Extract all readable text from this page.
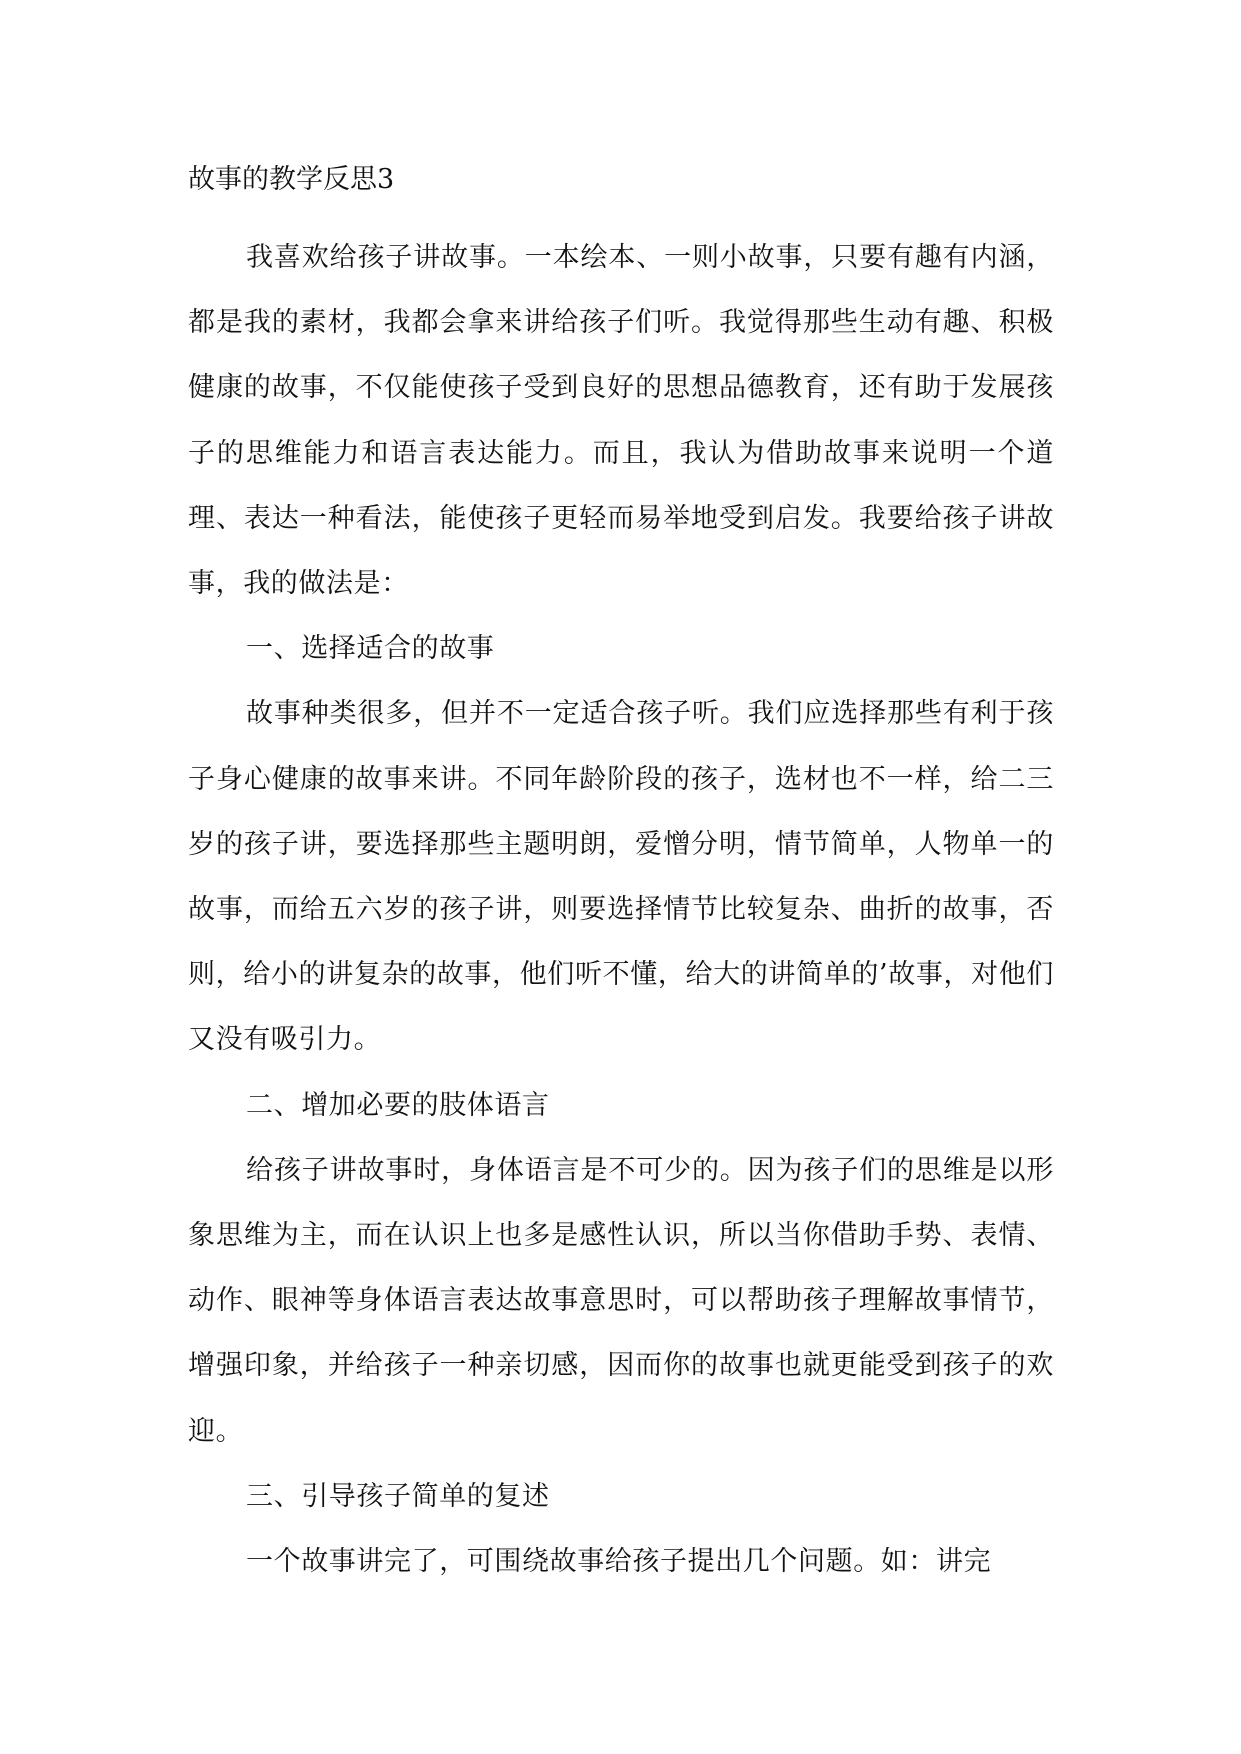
故事的教学反思3

我喜欢给孩子讲故事。一本绘本、一则小故事，只要有趣有内涵，都是我的素材，我都会拿来讲给孩子们听。我觉得那些生动有趣、积极健康的故事，不仅能使孩子受到良好的思想品德教育，还有助于发展孩子的思维能力和语言表达能力。而且，我认为借助故事来说明一个道理、表达一种看法，能使孩子更轻而易举地受到启发。我要给孩子讲故事，我的做法是：

一、选择适合的故事

故事种类很多，但并不一定适合孩子听。我们应选择那些有利于孩子身心健康的故事来讲。不同年龄阶段的孩子，选材也不一样，给二三岁的孩子讲，要选择那些主题明朗，爱憎分明，情节简单，人物单一的故事，而给五六岁的孩子讲，则要选择情节比较复杂、曲折的故事，否则，给小的讲复杂的故事，他们听不懂，给大的讲简单的’故事，对他们又没有吸引力。

二、增加必要的肢体语言

给孩子讲故事时，身体语言是不可少的。因为孩子们的思维是以形象思维为主，而在认识上也多是感性认识，所以当你借助手势、表情、动作、眼神等身体语言表达故事意思时，可以帮助孩子理解故事情节，增强印象，并给孩子一种亲切感，因而你的故事也就更能受到孩子的欢迎。

三、引导孩子简单的复述

一个故事讲完了，可围绕故事给孩子提出几个问题。如：讲完
